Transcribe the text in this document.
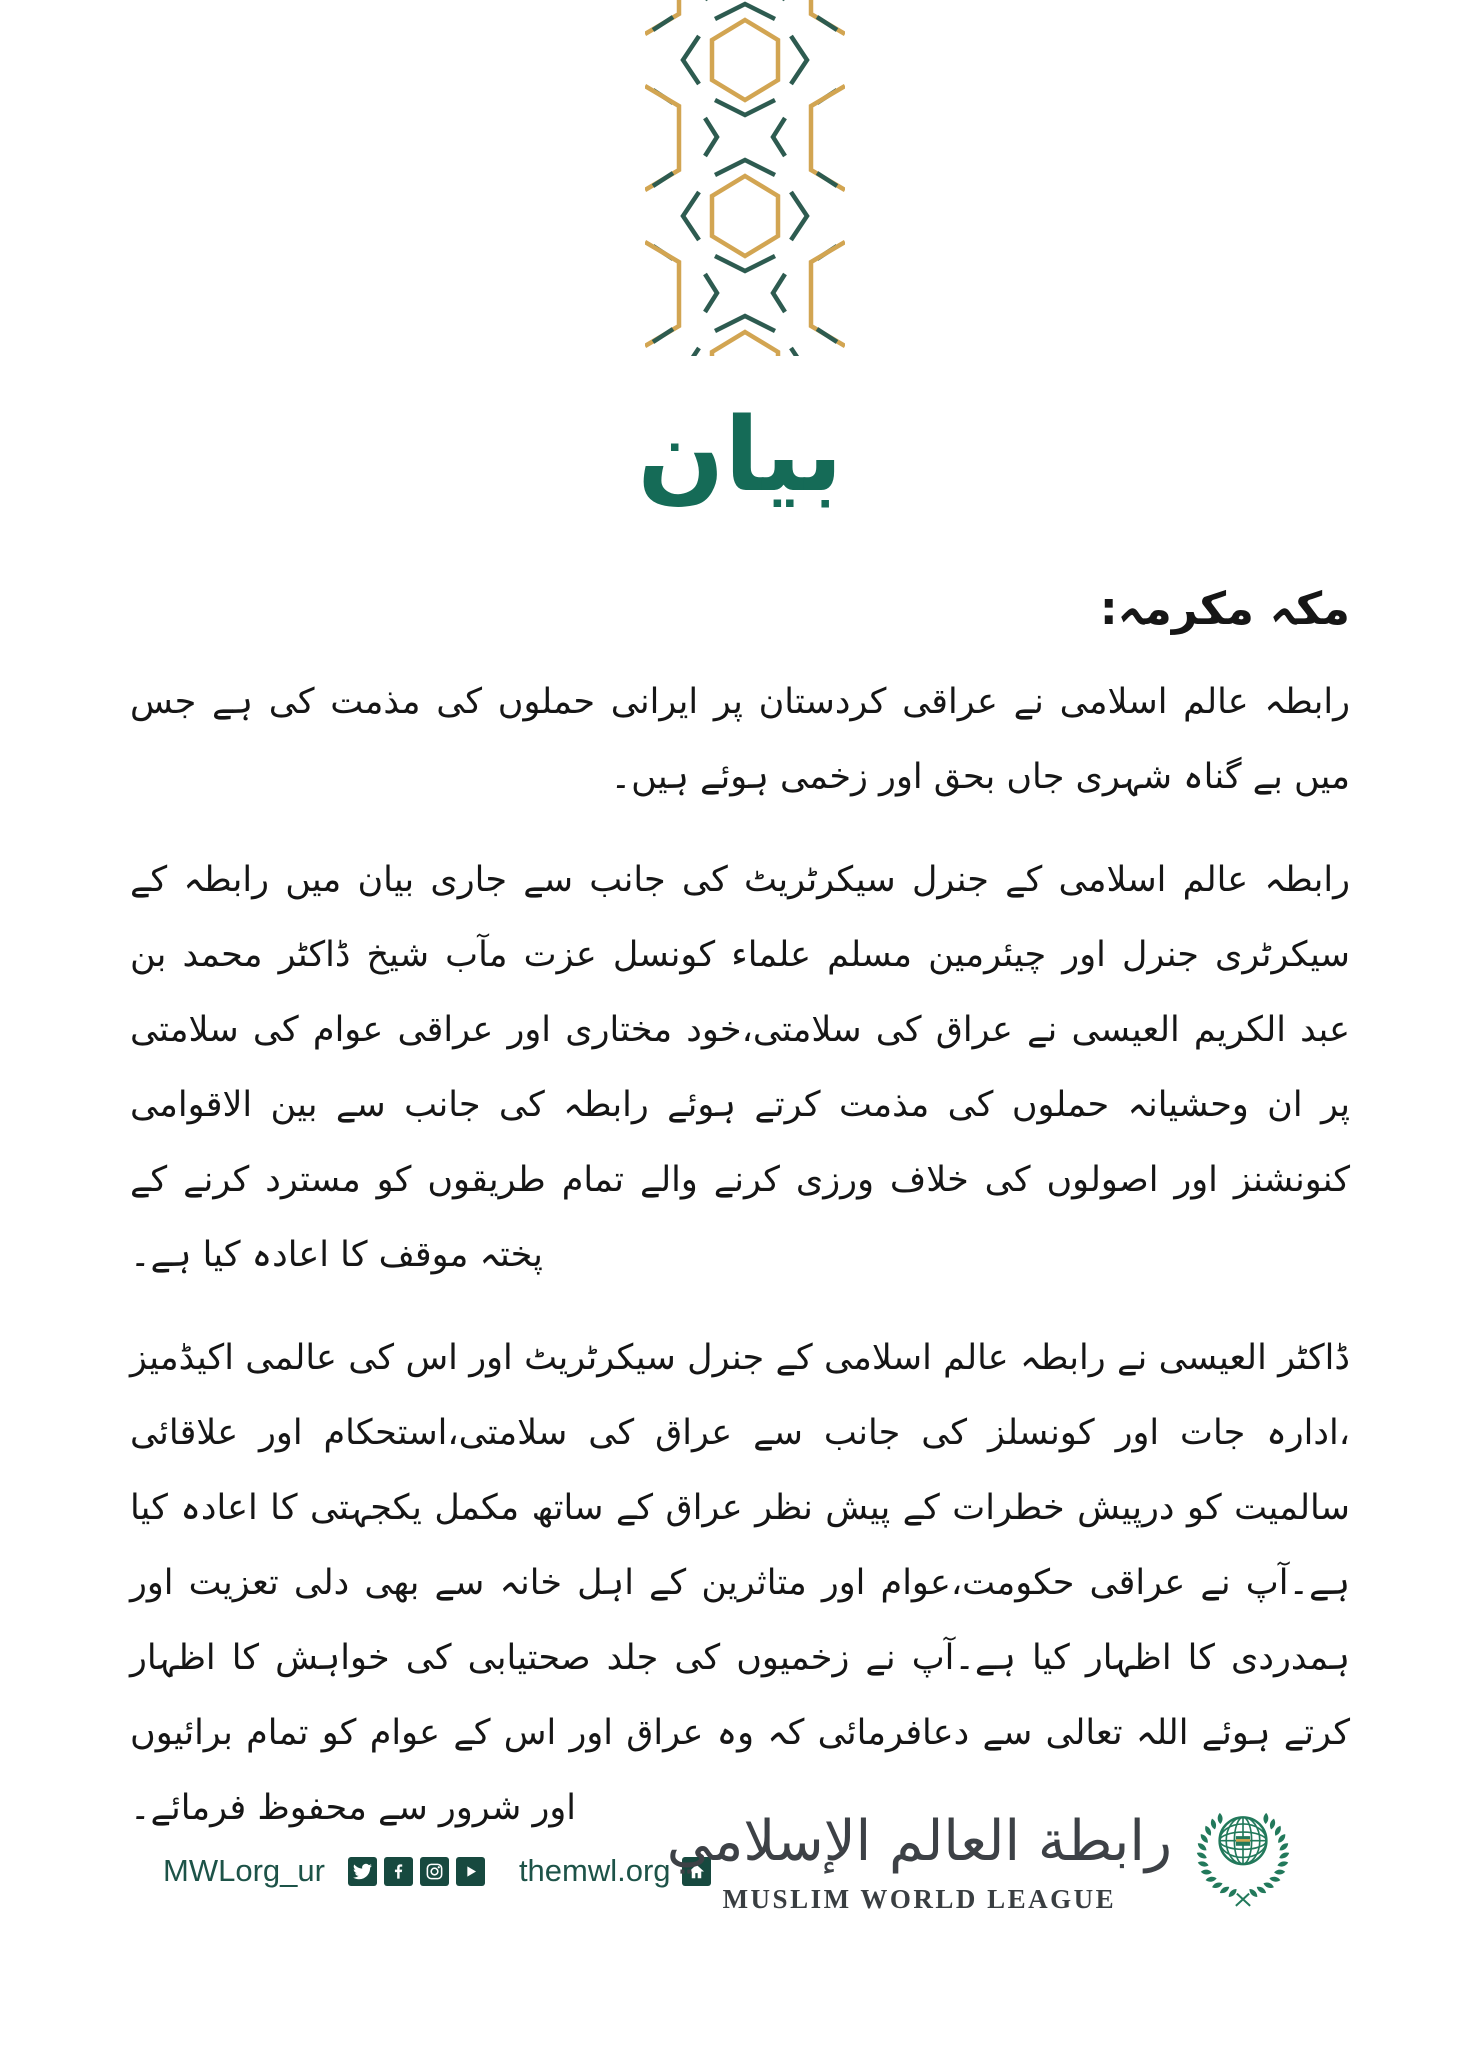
بیان
مکہ مکرمہ:

رابطہ عالم اسلامی نے عراقی کردستان پر ایرانی حملوں کی مذمت کی ہے جس میں بے گناہ شہری جاں بحق اور زخمی ہوئے ہیں۔

رابطہ عالم اسلامی کے جنرل سیکرٹریٹ کی جانب سے جاری بیان میں رابطہ کے سیکرٹری جنرل اور چیئرمین مسلم علماء کونسل عزت مآب شیخ ڈاکٹر محمد بن عبد الکریم العیسی نے عراق کی سلامتی،خود مختاری اور عراقی عوام کی سلامتی پر ان وحشیانہ حملوں کی مذمت کرتے ہوئے رابطہ کی جانب سے بین الاقوامی کنونشنز اور اصولوں کی خلاف ورزی کرنے والے تمام طریقوں کو مسترد کرنے کے پختہ موقف کا اعادہ کیا ہے۔

ڈاکٹر العیسی نے رابطہ عالم اسلامی کے جنرل سیکرٹریٹ اور اس کی عالمی اکیڈمیز ،ادارہ جات اور کونسلز کی جانب سے عراق کی سلامتی،استحکام اور علاقائی سالمیت کو درپیش خطرات کے پیش نظر عراق کے ساتھ مکمل یکجہتی کا اعادہ کیا ہے۔آپ نے عراقی حکومت،عوام اور متاثرین کے اہل خانہ سے بھی دلی تعزیت اور ہمدردی کا اظہار کیا ہے۔آپ نے زخمیوں کی جلد صحتیابی کی خواہش کا اظہار کرتے ہوئے اللہ تعالی سے دعافرمائی کہ وہ عراق اور اس کے عوام کو تمام برائیوں اور شرور سے محفوظ فرمائے۔

MWLorg_ur	themwl.org
رابطة العالم الإسلامي
MUSLIM WORLD LEAGUE
